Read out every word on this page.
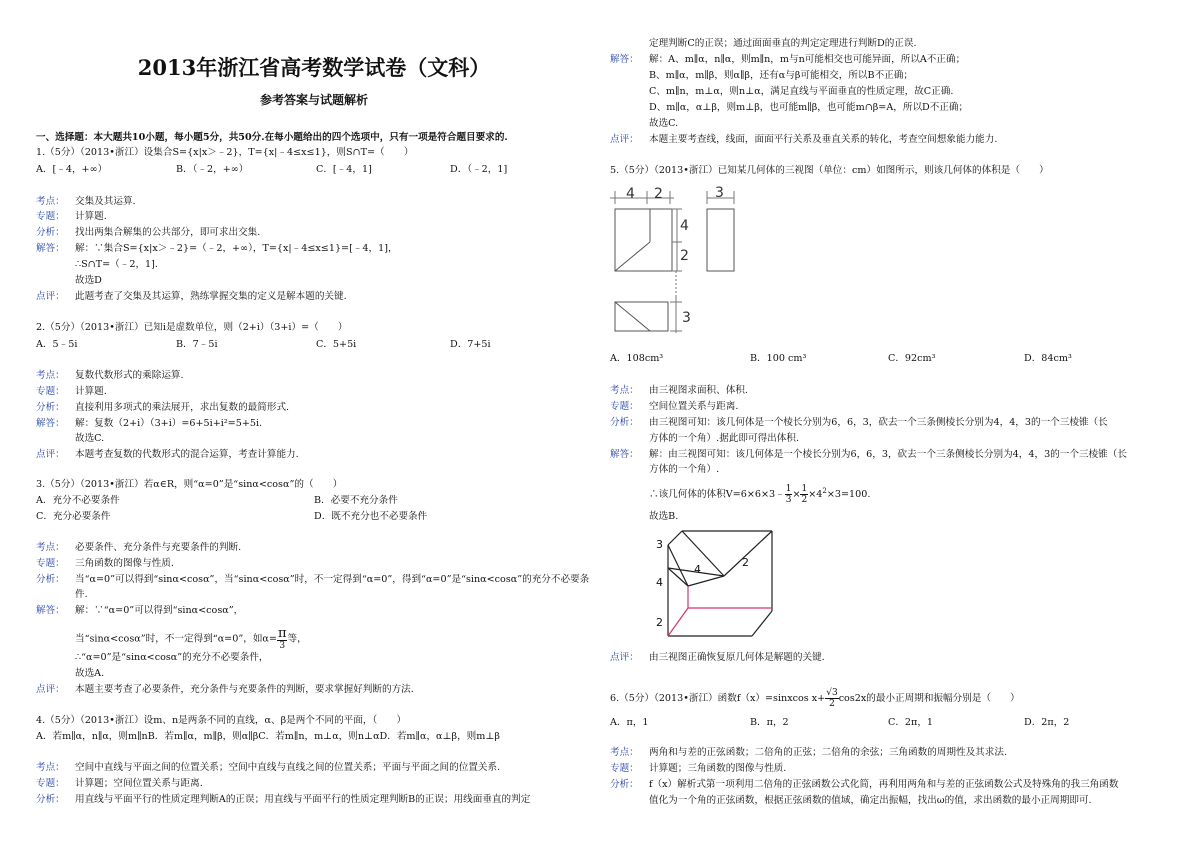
2013年浙江省高考数学试卷（文科）
参考答案与试题解析
一、选择题：本大题共10小题，每小题5分，共50分.在每小题给出的四个选项中，只有一项是符合题目要求的.
1.（5分）（2013•浙江）设集合S={x|x＞﹣2}，T={x|﹣4≤x≤1}，则S∩T=（　　）
A．[﹣4，+∞）	B．（﹣2，+∞）	C．[﹣4，1]	D．（﹣2，1]
考点： 交集及其运算.
专题： 计算题.
分析： 找出两集合解集的公共部分，即可求出交集.
解答： 解：∵集合S={x|x＞﹣2}=（﹣2，+∞），T={x|﹣4≤x≤1}=[﹣4，1]，
∴S∩T=（﹣2，1].
故选D
点评： 此题考查了交集及其运算，熟练掌握交集的定义是解本题的关键.
2.（5分）（2013•浙江）已知i是虚数单位，则（2+i）（3+i）=（　　）
A．5﹣5i	B．7﹣5i	C．5+5i	D．7+5i
考点： 复数代数形式的乘除运算.
专题： 计算题.
分析： 直接利用多项式的乘法展开，求出复数的最简形式.
解答： 解：复数（2+i）（3+i）=6+5i+i²=5+5i.
故选C.
点评： 本题考查复数的代数形式的混合运算，考查计算能力.
3.（5分）（2013•浙江）若α∈R，则“α=0”是“sinα<cosα”的（　　）
A．充分不必要条件	B．必要不充分条件
C．充分必要条件	D．既不充分也不必要条件
考点： 必要条件、充分条件与充要条件的判断.
专题： 三角函数的图像与性质.
分析： 当“α=0”可以得到“sinα<cosα”，当“sinα<cosα”时，不一定得到“α=0”，得到“α=0”是“sinα<cosα”的充分不必要条
件.
解答： 解：∵“α=0”可以得到“sinα<cosα”，
当“sinα<cosα”时，不一定得到“α=0”，如$\alpha= \frac{\pi}{3}$ 等，
∴“α=0”是“sinα<cosα”的充分不必要条件，
故选A.
点评： 本题主要考查了必要条件，充分条件与充要条件的判断，要求掌握好判断的方法.
4.（5分）（2013•浙江）设m、n是两条不同的直线，α、β是两个不同的平面，（　　）
A．若m∥α，n∥α，则m∥nB．若m∥α，m∥β，则α∥βC．若m∥n，m⊥α，则n⊥αD．若m∥α，α⊥β，则m⊥β
考点： 空间中直线与平面之间的位置关系；空间中直线与直线之间的位置关系；平面与平面之间的位置关系.
专题： 计算题；空间位置关系与距离.
分析： 用直线与平面平行的性质定理判断A的正误；用直线与平面平行的性质定理判断B的正误；用线面垂直的判定
定理判断C的正误；通过面面垂直的判定定理进行判断D的正误.
解答： 解：A、m∥α，n∥α，则m∥n，m与n可能相交也可能异面，所以A不正确；
B、m∥α，m∥β，则α∥β，还有α与β可能相交，所以B不正确；
C、m∥n，m⊥α，则n⊥α，满足直线与平面垂直的性质定理，故C正确.
D、m∥α，α⊥β，则m⊥β，也可能m∥β，也可能m∩β=A，所以D不正确；
故选C.
点评： 本题主要考查线，线面，面面平行关系及垂直关系的转化，考查空间想象能力能力.
5.（5分）（2013•浙江）已知某几何体的三视图（单位：cm）如图所示，则该几何体的体积是（　　）
4 2
4
2
3
3
A．108cm³	B．100 cm³	C．92cm³	D．84cm³
考点： 由三视图求面积、体积.
专题： 空间位置关系与距离.
分析： 由三视图可知：该几何体是一个棱长分别为6，6，3，砍去一个三条侧棱长分别为4，4，3的一个三棱锥（长
方体的一个角）.据此即可得出体积.
解答： 解：由三视图可知：该几何体是一个棱长分别为6，6，3，砍去一个三条侧棱长分别为4，4，3的一个三棱锥（长
方体的一个角）.
∴该几何体的体积V=6×6×3﹣ $\frac{1}{3} \times \frac{1}{2} \times 4^2\times 3=100$.
故选B.
3
4
4
2
2
点评： 由三视图正确恢复原几何体是解题的关键.
6.（5分）（2013•浙江）函数f（x）=sinxcos $x+ \frac{√3}{2} \cos 2x$的最小正周期和振幅分别是（　　）
A．π，1	B．π，2	C．2π，1	D．2π，2
考点： 两角和与差的正弦函数；二倍角的正弦；二倍角的余弦；三角函数的周期性及其求法.
专题： 计算题；三角函数的图像与性质.
分析： f（x）解析式第一项利用二倍角的正弦函数公式化简，再利用两角和与差的正弦函数公式及特殊角的我三角函数
值化为一个角的正弦函数，根据正弦函数的值域，确定出振幅，找出ω的值，求出函数的最小正周期即可.
